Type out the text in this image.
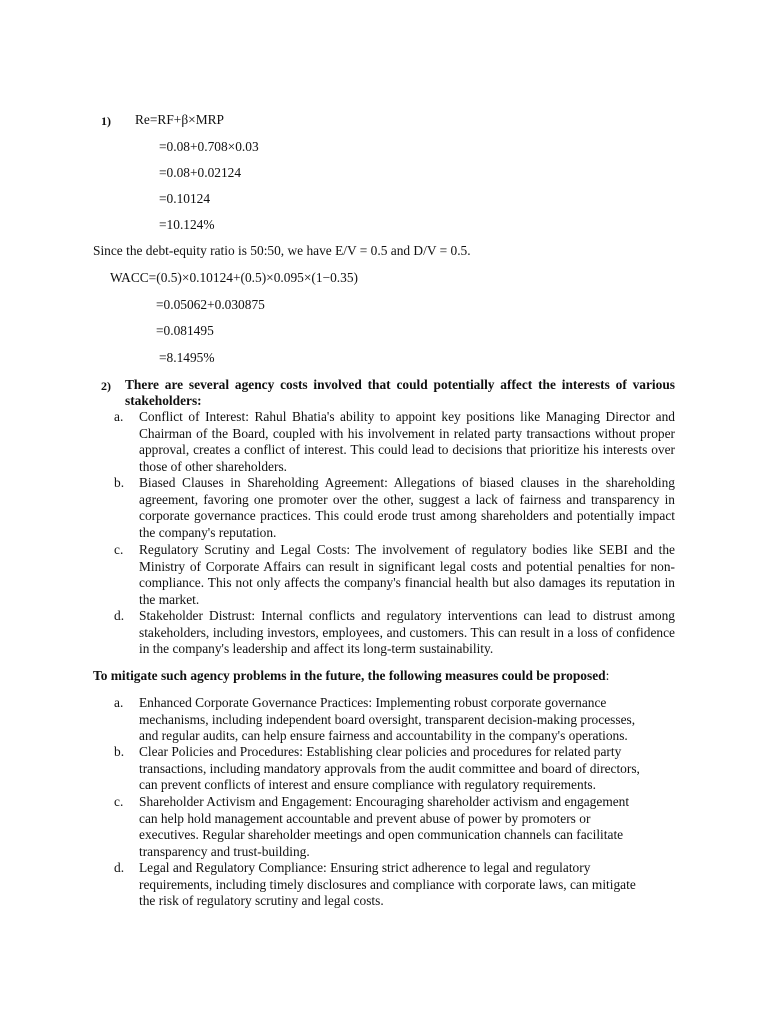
1) Re=RF+β×MRP
=0.08+0.708×0.03
=0.08+0.02124
=0.10124
=10.124%
Since the debt-equity ratio is 50:50, we have E/V = 0.5 and D/V = 0.5.
WACC=(0.5)×0.10124+(0.5)×0.095×(1−0.35)
=0.05062+0.030875
=0.081495
=8.1495%
2) There are several agency costs involved that could potentially affect the interests of various
stakeholders:
a.	Conflict of Interest: Rahul Bhatia's ability to appoint key positions like Managing Director and Chairman of the Board, coupled with his involvement in related party transactions without proper approval, creates a conflict of interest. This could lead to decisions that prioritize his interests over those of other shareholders.
b.	Biased Clauses in Shareholding Agreement: Allegations of biased clauses in the shareholding agreement, favoring one promoter over the other, suggest a lack of fairness and transparency in corporate governance practices. This could erode trust among shareholders and potentially impact the company's reputation.
c.	Regulatory Scrutiny and Legal Costs: The involvement of regulatory bodies like SEBI and the Ministry of Corporate Affairs can result in significant legal costs and potential penalties for non-compliance. This not only affects the company's financial health but also damages its reputation in the market.
d.	Stakeholder Distrust: Internal conflicts and regulatory interventions can lead to distrust among stakeholders, including investors, employees, and customers. This can result in a loss of confidence in the company's leadership and affect its long-term sustainability.
To mitigate such agency problems in the future, the following measures could be proposed:
a.	Enhanced Corporate Governance Practices: Implementing robust corporate governance
mechanisms, including independent board oversight, transparent decision-making processes,
and regular audits, can help ensure fairness and accountability in the company's operations.
b.	Clear Policies and Procedures: Establishing clear policies and procedures for related party
transactions, including mandatory approvals from the audit committee and board of directors,
can prevent conflicts of interest and ensure compliance with regulatory requirements.
c.	Shareholder Activism and Engagement: Encouraging shareholder activism and engagement
can help hold management accountable and prevent abuse of power by promoters or
executives. Regular shareholder meetings and open communication channels can facilitate
transparency and trust-building.
d.	Legal and Regulatory Compliance: Ensuring strict adherence to legal and regulatory
requirements, including timely disclosures and compliance with corporate laws, can mitigate
the risk of regulatory scrutiny and legal costs.
